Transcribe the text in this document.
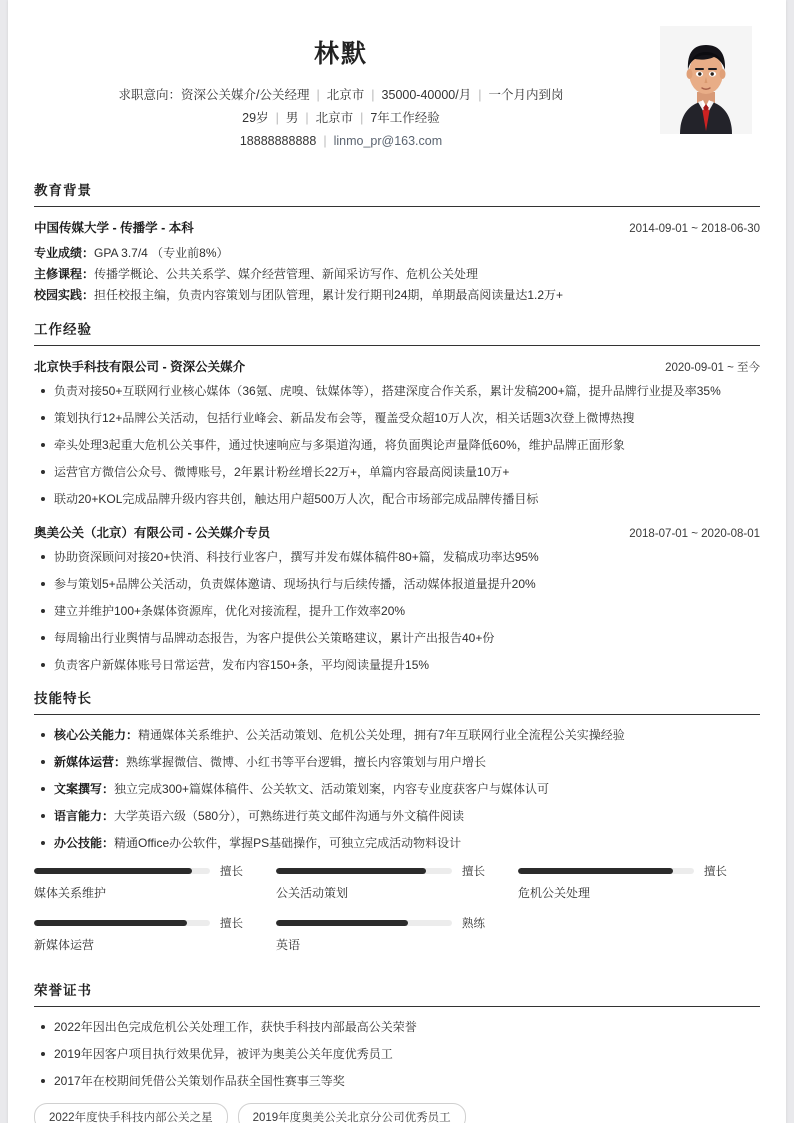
林默
求职意向：资深公关媒介/公关经理 | 北京市 | 35000-40000/月 | 一个月内到岗
29岁 | 男 | 北京市 | 7年工作经验
18888888888 | linmo_pr@163.com
教育背景
中国传媒大学 - 传播学 - 本科	2014-09-01 ~ 2018-06-30
专业成绩：GPA 3.7/4 （专业前8%）
主修课程：传播学概论、公共关系学、媒介经营管理、新闻采访写作、危机公关处理
校园实践：担任校报主编，负责内容策划与团队管理，累计发行期刊24期，单期最高阅读量达1.2万+
工作经验
北京快手科技有限公司 - 资深公关媒介	2020-09-01 ~ 至今
负责对接50+互联网行业核心媒体（36氪、虎嗅、钛媒体等），搭建深度合作关系，累计发稿200+篇，提升品牌行业提及率35%
策划执行12+品牌公关活动，包括行业峰会、新品发布会等，覆盖受众超10万人次，相关话题3次登上微博热搜
牵头处理3起重大危机公关事件，通过快速响应与多渠道沟通，将负面舆论声量降低60%，维护品牌正面形象
运营官方微信公众号、微博账号，2年累计粉丝增长22万+，单篇内容最高阅读量10万+
联动20+KOL完成品牌升级内容共创，触达用户超500万人次，配合市场部完成品牌传播目标
奥美公关（北京）有限公司 - 公关媒介专员	2018-07-01 ~ 2020-08-01
协助资深顾问对接20+快消、科技行业客户，撰写并发布媒体稿件80+篇，发稿成功率达95%
参与策划5+品牌公关活动，负责媒体邀请、现场执行与后续传播，活动媒体报道量提升20%
建立并维护100+条媒体资源库，优化对接流程，提升工作效率20%
每周输出行业舆情与品牌动态报告，为客户提供公关策略建议，累计产出报告40+份
负责客户新媒体账号日常运营，发布内容150+条，平均阅读量提升15%
技能特长
核心公关能力：精通媒体关系维护、公关活动策划、危机公关处理，拥有7年互联网行业全流程公关实操经验
新媒体运营：熟练掌握微信、微博、小红书等平台逻辑，擅长内容策划与用户增长
文案撰写：独立完成300+篇媒体稿件、公关软文、活动策划案，内容专业度获客户与媒体认可
语言能力：大学英语六级（580分），可熟练进行英文邮件沟通与外文稿件阅读
办公技能：精通Office办公软件，掌握PS基础操作，可独立完成活动物料设计
擅长
媒体关系维护
擅长
公关活动策划
擅长
危机公关处理
擅长
新媒体运营
熟练
英语
荣誉证书
2022年因出色完成危机公关处理工作，获快手科技内部最高公关荣誉
2019年因客户项目执行效果优异，被评为奥美公关年度优秀员工
2017年在校期间凭借公关策划作品获全国性赛事三等奖
2022年度快手科技内部公关之星	2019年度奥美公关北京分公司优秀员工
